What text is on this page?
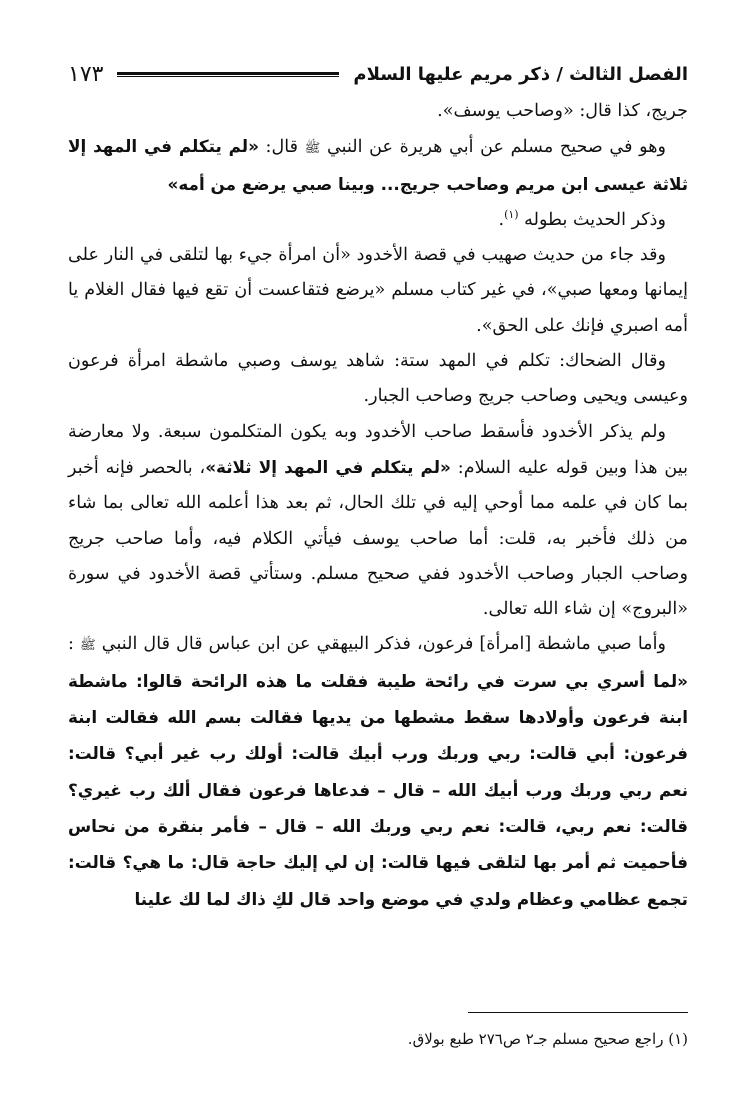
الفصل الثالث / ذكر مريم عليها السلام
١٧٣

جريج، كذا قال: «وصاحب يوسف».

وهو في صحيح مسلم عن أبي هريرة عن النبي ﷺ قال: «لم يتكلم في المهد إلا ثلاثة عيسى ابن مريم وصاحب جريج... وبينا صبي يرضع من أمه»

وذكر الحديث بطوله $^{(١)}$.

وقد جاء من حديث صهيب في قصة الأخدود «أن امرأة جيء بها لتلقى في النار على إيمانها ومعها صبي»، في غير كتاب مسلم «يرضع فتقاعست أن تقع فيها فقال الغلام يا أمه اصبري فإنك على الحق».

وقال الضحاك: تكلم في المهد ستة: شاهد يوسف وصبي ماشطة امرأة فرعون وعيسى ويحيى وصاحب جريج وصاحب الجبار.

ولم يذكر الأخدود فأسقط صاحب الأخدود وبه يكون المتكلمون سبعة. ولا معارضة بين هذا وبين قوله عليه السلام: «لم يتكلم في المهد إلا ثلاثة»، بالحصر فإنه أخبر بما كان في علمه مما أوحي إليه في تلك الحال، ثم بعد هذا أعلمه الله تعالى بما شاء من ذلك فأخبر به، قلت: أما صاحب يوسف فيأتي الكلام فيه، وأما صاحب جريج وصاحب الجبار وصاحب الأخدود ففي صحيح مسلم. وستأتي قصة الأخدود في سورة «البروج» إن شاء الله تعالى.

وأما صبي ماشطة [امرأة] فرعون، فذكر البيهقي عن ابن عباس قال قال النبي ﷺ : «لما أسري بي سرت في رائحة طيبة فقلت ما هذه الرائحة قالوا: ماشطة ابنة فرعون وأولادها سقط مشطها من يديها فقالت بسم الله فقالت ابنة فرعون: أبي قالت: ربي وربك ورب أبيك قالت: أولك رب غير أبي؟ قالت: نعم ربي وربك ورب أبيك الله – قال – فدعاها فرعون فقال ألك رب غيري؟ قالت: نعم ربي، قالت: نعم ربي وربك الله – قال – فأمر بنقرة من نحاس فأحميت ثم أمر بها لتلقى فيها قالت: إن لي إليك حاجة قال: ما هي؟ قالت: تجمع عظامي وعظام ولدي في موضع واحد قال لكِ ذاك لما لك علينا

(١) راجع صحيح مسلم جـ٢ ص٢٧٦ طبع بولاق.
